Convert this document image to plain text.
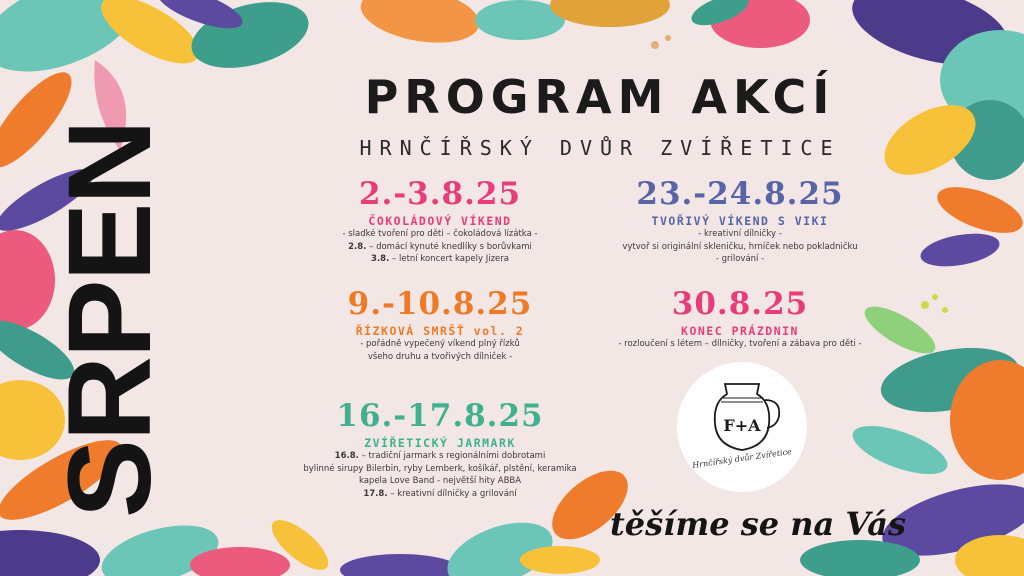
SRPEN
PROGRAM AKCÍ
HRNČÍŘSKÝ DVŮR ZVÍŘETICE
2.-3.8.25
ČOKOLÁDOVÝ VÍKEND
- sladké tvoření pro děti – čokoládová lízátka -
2.8. – domácí kynuté knedlíky s borůvkami
3.8. – letní koncert kapely Jizera
9.-10.8.25
ŘÍZKOVÁ SMRŠŤ vol. 2
- pořádně vypečený víkend plný řízků
všeho druhu a tvořivých dílniček -
16.-17.8.25
ZVÍŘETICKÝ JARMARK
16.8. – tradiční jarmark s regionálními dobrotami
bylinné sirupy Bilerbin, ryby Lemberk, košíkář, plstění, keramika
kapela Love Band - největší hity ABBA
17.8. – kreativní dílničky a grilování
23.-24.8.25
TVOŘIVÝ VÍKEND S VIKI
- kreativní dílničky -
vytvoř si originální skleničku, hrníček nebo pokladničku
- grilování -
30.8.25
KONEC PRÁZDNIN
- rozloučení s létem – dílničky, tvoření a zábava pro děti -
F+A
Hrnčířský dvůr Zvířetice
těšíme se na Vás
